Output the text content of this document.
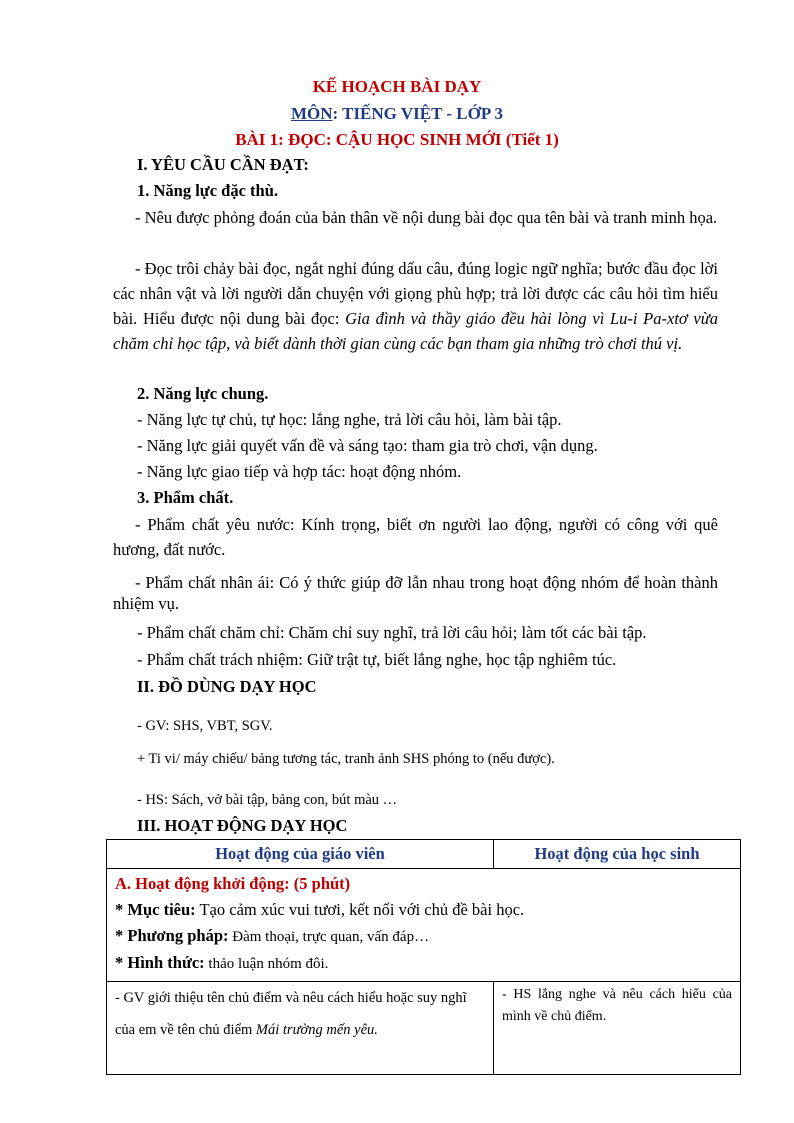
KẾ HOẠCH BÀI DẠY
MÔN: TIẾNG VIỆT - LỚP 3
BÀI 1: ĐỌC: CẬU HỌC SINH MỚI (Tiết 1)
I. YÊU CẦU CẦN ĐẠT:
1. Năng lực đặc thù.
- Nêu được phỏng đoán của bản thân về nội dung bài đọc qua tên bài và tranh minh họa.
- Đọc trôi chảy bài đọc, ngắt nghỉ đúng dấu câu, đúng logic ngữ nghĩa; bước đầu đọc lời các nhân vật và lời người dẫn chuyện với giọng phù hợp; trả lời được các câu hỏi tìm hiểu bài. Hiểu được nội dung bài đọc: Gia đình và thầy giáo đều hài lòng vì Lu-i Pa-xtơ vừa chăm chỉ học tập, và biết dành thời gian cùng các bạn tham gia những trò chơi thú vị.
2. Năng lực chung.
- Năng lực tự chủ, tự học: lắng nghe, trả lời câu hỏi, làm bài tập.
- Năng lực giải quyết vấn đề và sáng tạo: tham gia trò chơi, vận dụng.
- Năng lực giao tiếp và hợp tác: hoạt động nhóm.
3. Phẩm chất.
- Phẩm chất yêu nước: Kính trọng, biết ơn người lao động, người có công với quê hương, đất nước.
- Phẩm chất nhân ái: Có ý thức giúp đỡ lẫn nhau trong hoạt động nhóm để hoàn thành nhiệm vụ.
- Phẩm chất chăm chỉ: Chăm chỉ suy nghĩ, trả lời câu hỏi; làm tốt các bài tập.
- Phẩm chất trách nhiệm: Giữ trật tự, biết lắng nghe, học tập nghiêm túc.
II. ĐỒ DÙNG DẠY HỌC
- GV: SHS, VBT, SGV.
+ Ti vi/ máy chiếu/ bảng tương tác, tranh ảnh SHS phóng to (nếu được).
- HS: Sách, vở bài tập, bảng con, bút màu …
III. HOẠT ĐỘNG DẠY HỌC
Hoạt động của giáo viên	Hoạt động của học sinh

A. Hoạt động khởi động: (5 phút)
* Mục tiêu: Tạo cảm xúc vui tươi, kết nối với chủ đề bài học.
* Phương pháp: Đàm thoại, trực quan, vấn đáp…
* Hình thức: thảo luận nhóm đôi.	

- GV giới thiệu tên chủ điểm và nêu cách hiểu hoặc suy nghĩ của em về tên chủ điểm Mái trường mến yêu.	- HS lắng nghe và nêu cách hiểu của mình về chủ điểm.
